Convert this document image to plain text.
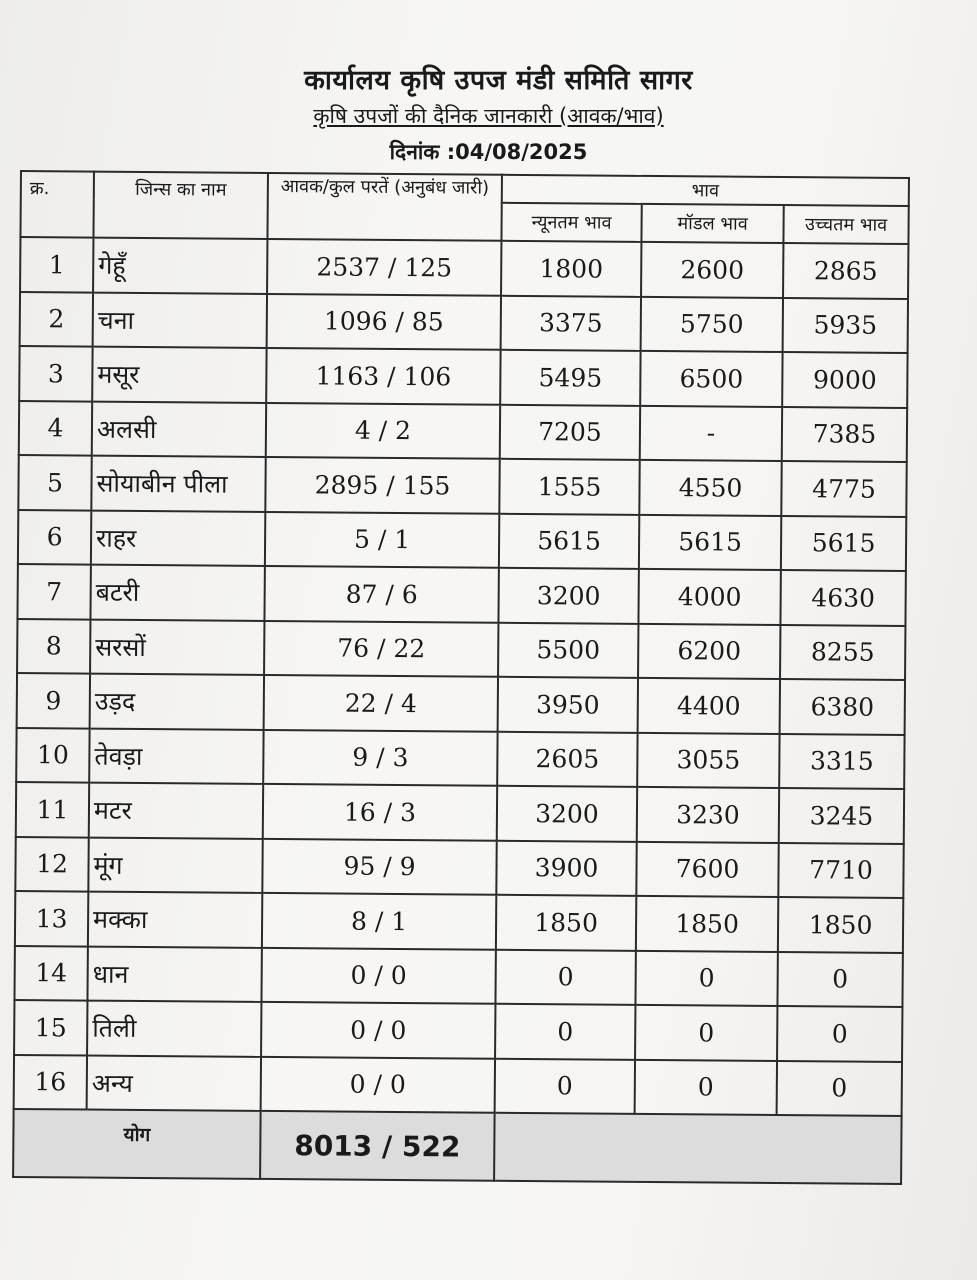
कार्यालय कृषि उपज मंडी समिति सागर
कृषि उपजों की दैनिक जानकारी (आवक/भाव)
दिनांक :04/08/2025
क्र.	जिन्स का नाम	आवक/कुल परतें (अनुबंध जारी)	भाव		
			न्यूनतम भाव	मॉडल भाव	उच्चतम भाव
1	गेहूँ	2537 / 125	1800	2600	2865
2	चना	1096 / 85	3375	5750	5935
3	मसूर	1163 / 106	5495	6500	9000
4	अलसी	4 / 2	7205	-	7385
5	सोयाबीन पीला	2895 / 155	1555	4550	4775
6	राहर	5 / 1	5615	5615	5615
7	बटरी	87 / 6	3200	4000	4630
8	सरसों	76 / 22	5500	6200	8255
9	उड़द	22 / 4	3950	4400	6380
10	तेवड़ा	9 / 3	2605	3055	3315
11	मटर	16 / 3	3200	3230	3245
12	मूंग	95 / 9	3900	7600	7710
13	मक्का	8 / 1	1850	1850	1850
14	धान	0 / 0	0	0	0
15	तिली	0 / 0	0	0	0
16	अन्य	0 / 0	0	0	0
योग		8013 / 522			
